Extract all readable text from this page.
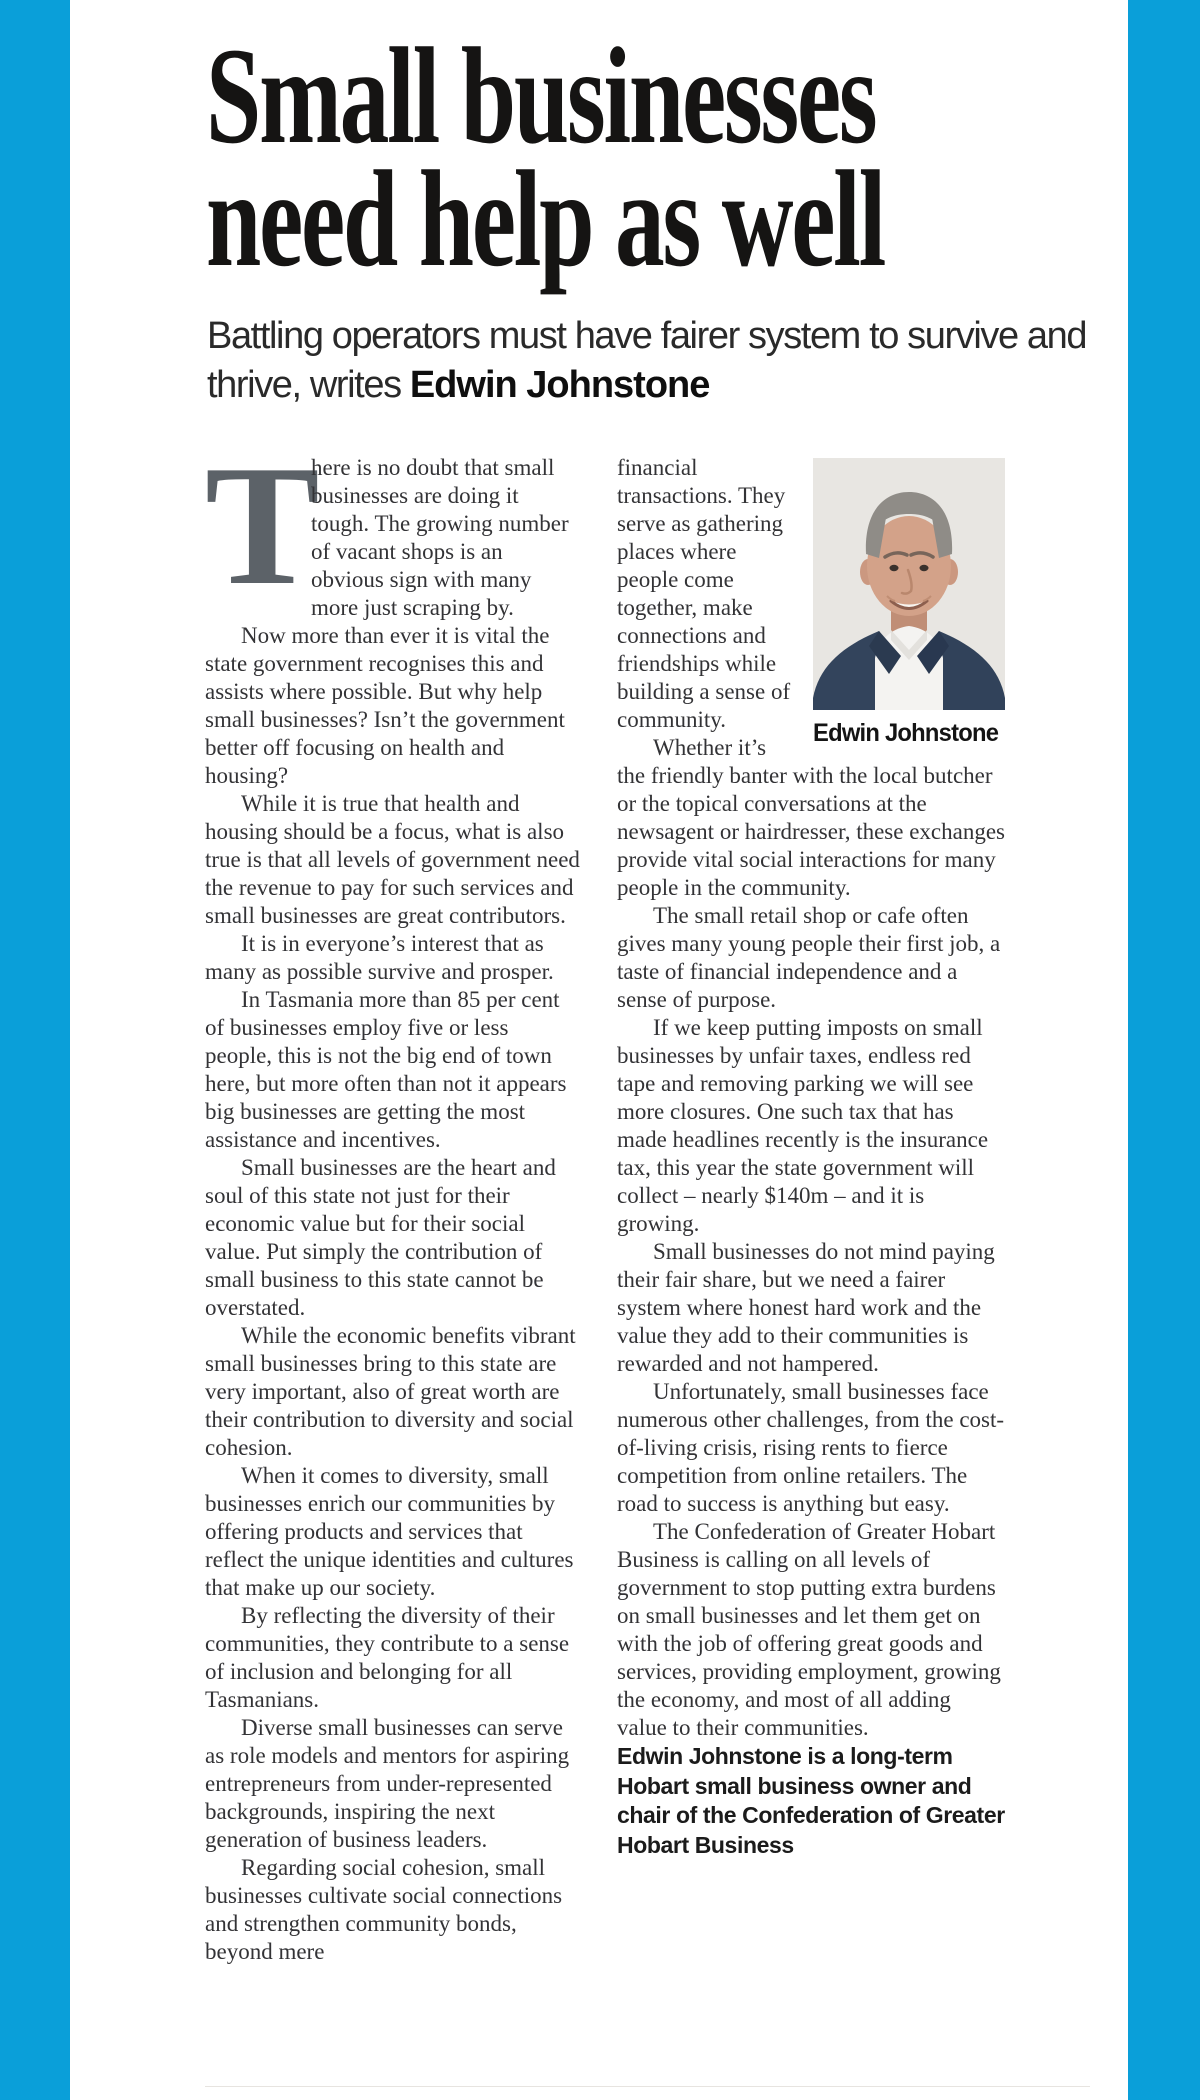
Small businesses
need help as well

Battling operators must have fairer system to survive and thrive, writes Edwin Johnstone

T
here is no doubt that small businesses are doing it tough. The growing number of vacant shops is an obvious sign with many more just scraping by.

Now more than ever it is vital the state government recognises this and assists where possible. But why help small businesses? Isn’t the government better off focusing on health and housing?

While it is true that health and housing should be a focus, what is also true is that all levels of government need the revenue to pay for such services and small businesses are great contributors.

It is in everyone’s interest that as many as possible survive and prosper.

In Tasmania more than 85 per cent of businesses employ five or less people, this is not the big end of town here, but more often than not it appears big businesses are getting the most assistance and incentives.

Small businesses are the heart and soul of this state not just for their economic value but for their social value. Put simply the contribution of small business to this state cannot be overstated.

While the economic benefits vibrant small businesses bring to this state are very important, also of great worth are their contribution to diversity and social cohesion.

When it comes to diversity, small businesses enrich our communities by offering products and services that reflect the unique identities and cultures that make up our society.

By reflecting the diversity of their communities, they contribute to a sense of inclusion and belonging for all Tasmanians.

Diverse small businesses can serve as role models and mentors for aspiring entrepreneurs from under-represented backgrounds, inspiring the next generation of business leaders.

Regarding social cohesion, small businesses cultivate social connections and strengthen community bonds, beyond mere

Edwin Johnstone

financial transactions. They serve as gathering places where people come together, make connections and friendships while building a sense of community.

Whether it’s the friendly banter with the local butcher or the topical conversations at the newsagent or hairdresser, these exchanges provide vital social interactions for many people in the community.

The small retail shop or cafe often gives many young people their first job, a taste of financial independence and a sense of purpose.

If we keep putting imposts on small businesses by unfair taxes, endless red tape and removing parking we will see more closures. One such tax that has made headlines recently is the insurance tax, this year the state government will collect – nearly $140m – and it is growing.

Small businesses do not mind paying their fair share, but we need a fairer system where honest hard work and the value they add to their communities is rewarded and not hampered.

Unfortunately, small businesses face numerous other challenges, from the cost-of-living crisis, rising rents to fierce competition from online retailers. The road to success is anything but easy.

The Confederation of Greater Hobart Business is calling on all levels of government to stop putting extra burdens on small businesses and let them get on with the job of offering great goods and services, providing employment, growing the economy, and most of all adding value to their communities.

Edwin Johnstone is a long-term Hobart small business owner and chair of the Confederation of Greater Hobart Business
